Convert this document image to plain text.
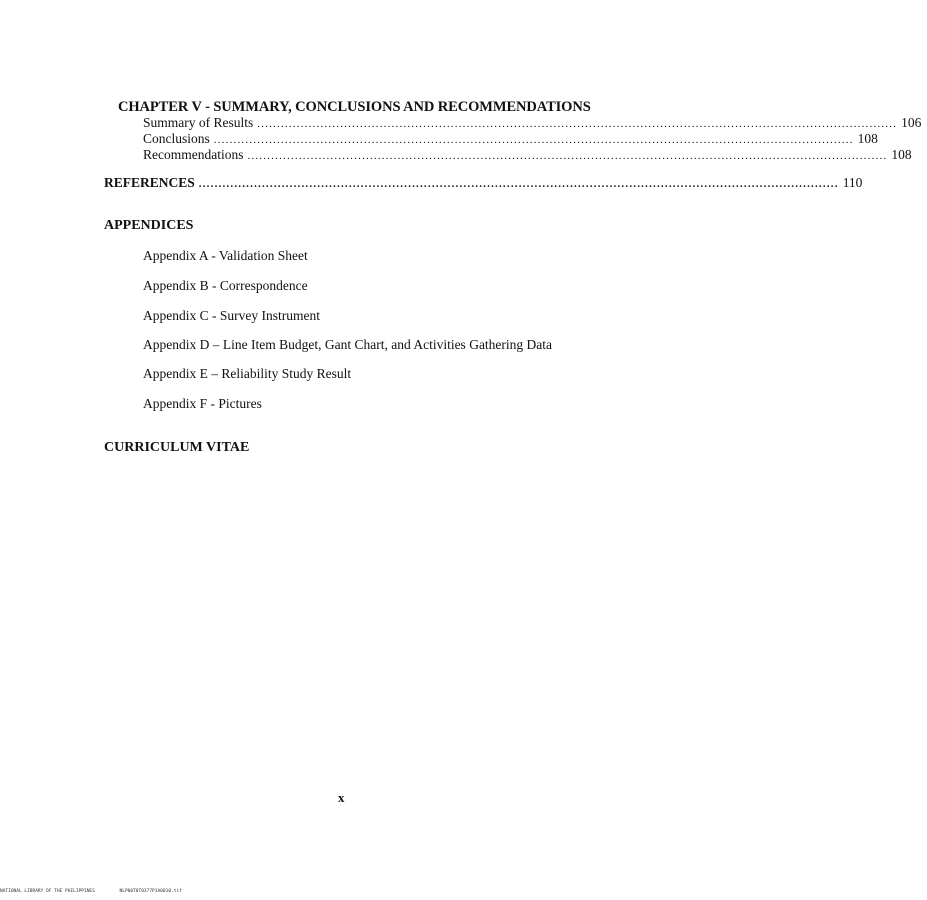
CHAPTER V - SUMMARY, CONCLUSIONS AND RECOMMENDATIONS
Summary of Results .................................................................................................................................................................. 106
Conclusions .................................................................................................................................................................. 108
Recommendations .................................................................................................................................................................. 108
REFERENCES .................................................................................................................................................................. 110
APPENDICES
Appendix A - Validation Sheet
Appendix B - Correspondence
Appendix C - Survey Instrument
Appendix D – Line Item Budget, Gant Chart, and Activities Gathering Data
Appendix E – Reliability Study Result
Appendix F - Pictures
CURRICULUM VITAE
x
NATIONAL LIBRARY OF THE PHILIPPINES	NLP00T0T0377P1A0010.tif
